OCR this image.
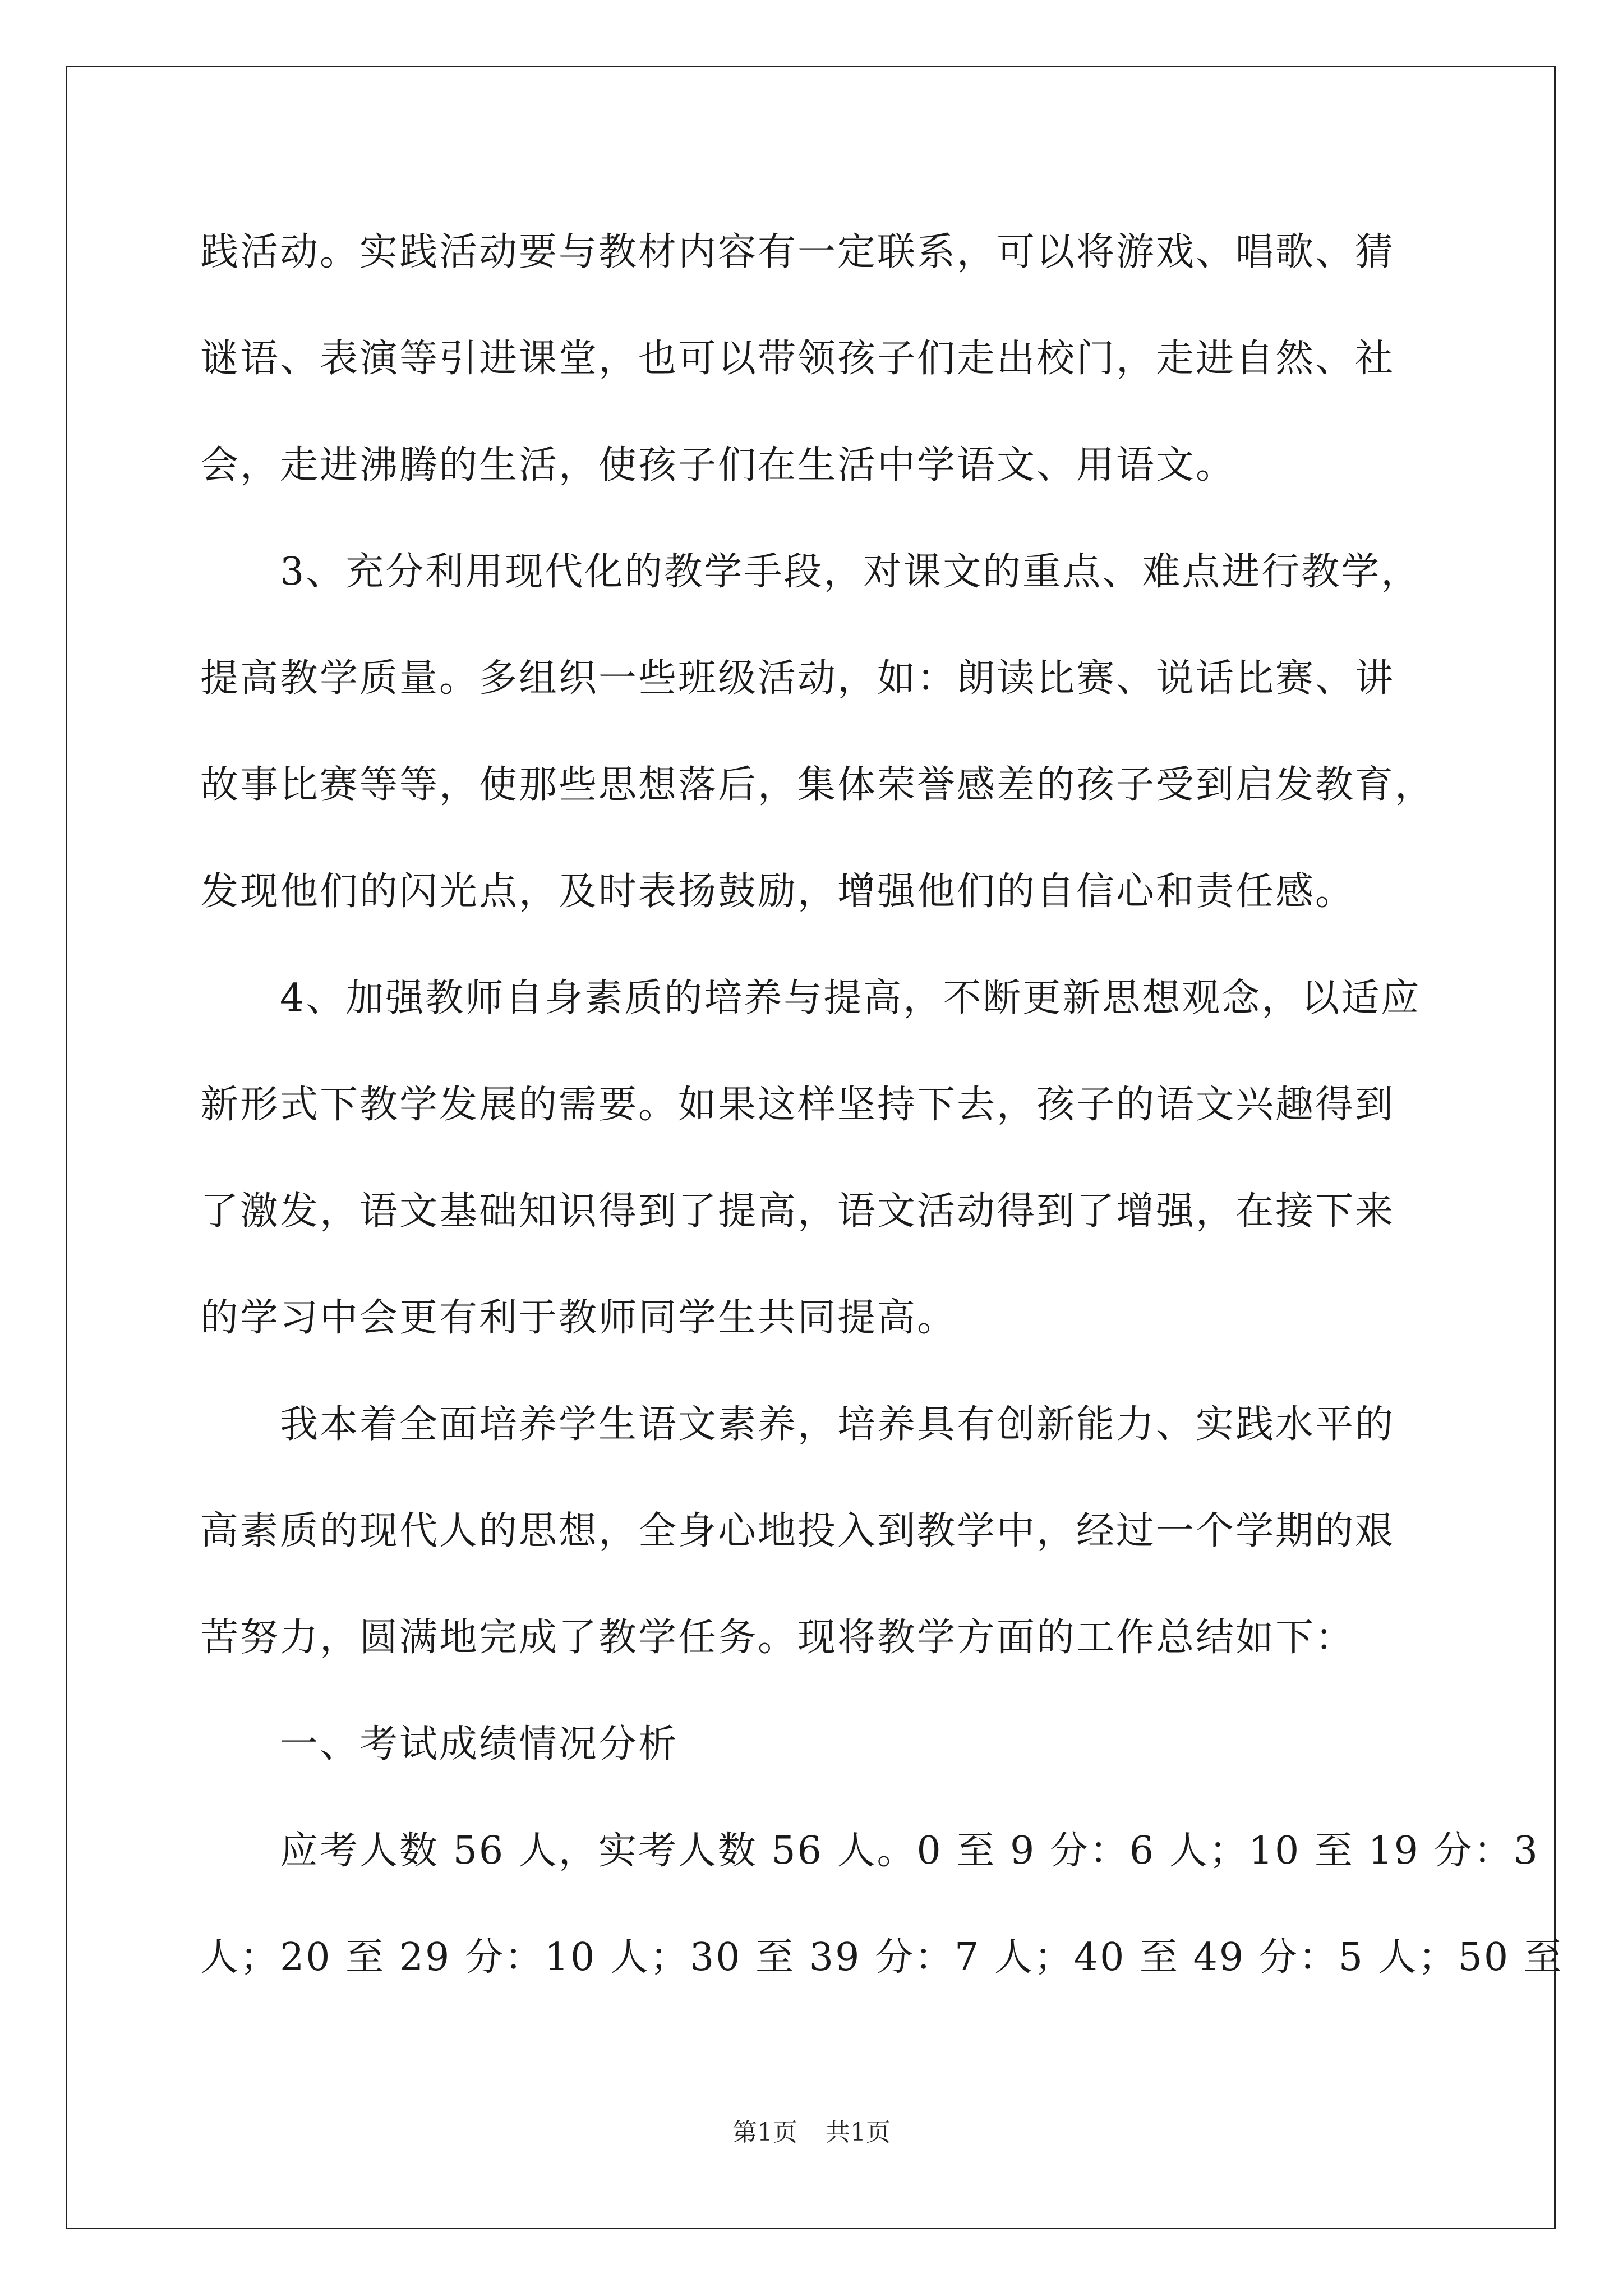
践活动。实践活动要与教材内容有一定联系，可以将游戏、唱歌、猜
谜语、表演等引进课堂，也可以带领孩子们走出校门，走进自然、社
会，走进沸腾的生活，使孩子们在生活中学语文、用语文。
3、充分利用现代化的教学手段，对课文的重点、难点进行教学，
提高教学质量。多组织一些班级活动，如：朗读比赛、说话比赛、讲
故事比赛等等，使那些思想落后，集体荣誉感差的孩子受到启发教育，
发现他们的闪光点，及时表扬鼓励，增强他们的自信心和责任感。
4、加强教师自身素质的培养与提高，不断更新思想观念，以适应
新形式下教学发展的需要。如果这样坚持下去，孩子的语文兴趣得到
了激发，语文基础知识得到了提高，语文活动得到了增强，在接下来
的学习中会更有利于教师同学生共同提高。
我本着全面培养学生语文素养，培养具有创新能力、实践水平的
高素质的现代人的思想，全身心地投入到教学中，经过一个学期的艰
苦努力，圆满地完成了教学任务。现将教学方面的工作总结如下：
一、考试成绩情况分析
应考人数 56 人，实考人数 56 人。0 至 9 分：6 人；10 至 19 分：3
人；20 至 29 分：10 人；30 至 39 分：7 人；40 至 49 分：5 人；50 至
第1页 共1页
